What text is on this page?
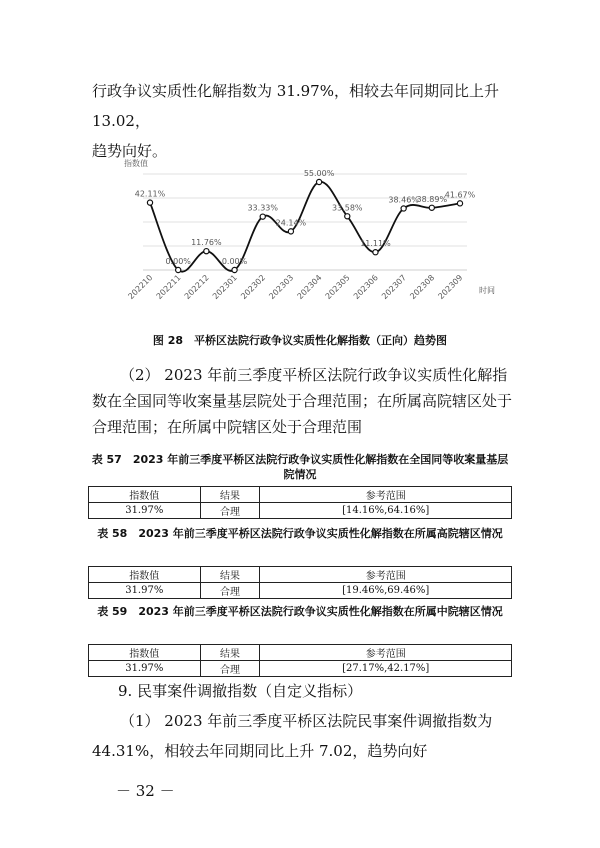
行政争议实质性化解指数为 31.97%，相较去年同期同比上升 13.02，
趋势向好。
指数值
42.11%
0.00%
11.76%
0.00%
33.33%
24.14%
55.00%
33.58%
11.11%
38.46%
38.89%
41.67%
202210 202211 202212 202301 202302 202303 202304 202305 202306 202307 202308 202309 时间
图 28　平桥区法院行政争议实质性化解指数（正向）趋势图
（2） 2023 年前三季度平桥区法院行政争议实质性化解指数在全国同等收案量基层院处于合理范围；在所属高院辖区处于合理范围；在所属中院辖区处于合理范围
表 57　2023 年前三季度平桥区法院行政争议实质性化解指数在全国同等收案量基层院情况
指数值	结果	参考范围
31.97%	合理	[14.16%,64.16%]
表 58　2023 年前三季度平桥区法院行政争议实质性化解指数在所属高院辖区情况
指数值	结果	参考范围
31.97%	合理	[19.46%,69.46%]
表 59　2023 年前三季度平桥区法院行政争议实质性化解指数在所属中院辖区情况
指数值	结果	参考范围
31.97%	合理	[27.17%,42.17%]
9. 民事案件调撤指数（自定义指标）
（1） 2023 年前三季度平桥区法院民事案件调撤指数为 44.31%，相较去年同期同比上升 7.02，趋势向好
－ 32 －
